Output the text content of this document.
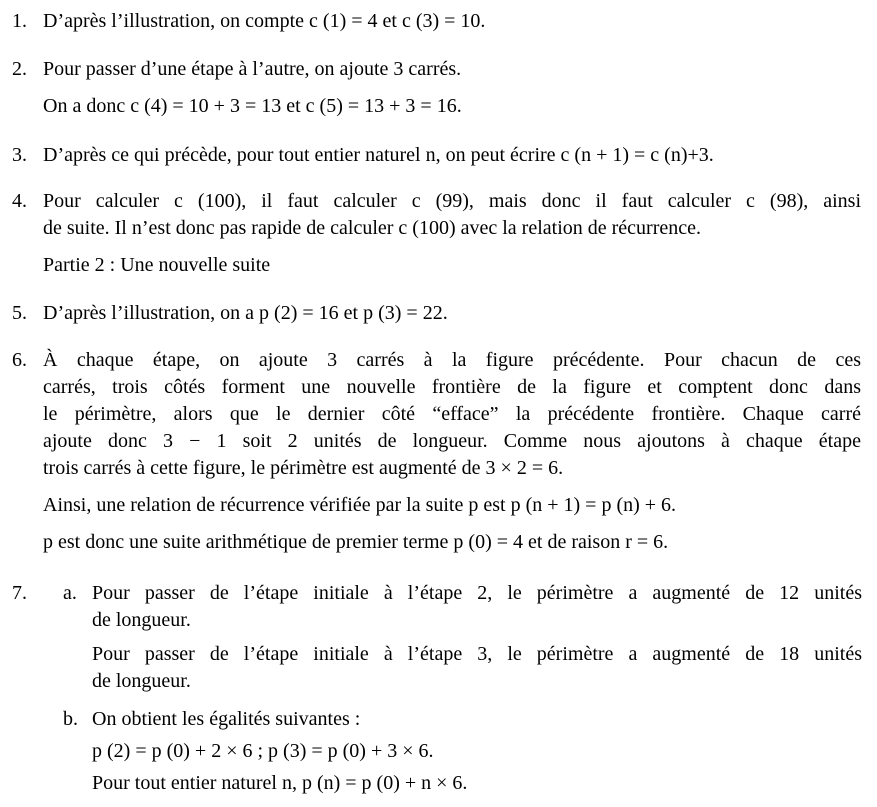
1. D’après l’illustration, on compte c (1) = 4 et c (3) = 10.
2. Pour passer d’une étape à l’autre, on ajoute 3 carrés.
On a donc c (4) = 10 + 3 = 13 et c (5) = 13 + 3 = 16.
3. D’après ce qui précède, pour tout entier naturel n, on peut écrire c (n + 1) = c (n)+3.
4. Pour calculer c (100), il faut calculer c (99), mais donc il faut calculer c (98), ainsi
de suite. Il n’est donc pas rapide de calculer c (100) avec la relation de récurrence.
Partie 2 : Une nouvelle suite
5. D’après l’illustration, on a p (2) = 16 et p (3) = 22.
6. À chaque étape, on ajoute 3 carrés à la figure précédente. Pour chacun de ces
carrés, trois côtés forment une nouvelle frontière de la figure et comptent donc dans
le périmètre, alors que le dernier côté “efface” la précédente frontière. Chaque carré
ajoute donc 3 − 1 soit 2 unités de longueur. Comme nous ajoutons à chaque étape
trois carrés à cette figure, le périmètre est augmenté de 3 × 2 = 6.
Ainsi, une relation de récurrence vérifiée par la suite p est p (n + 1) = p (n) + 6.
p est donc une suite arithmétique de premier terme p (0) = 4 et de raison r = 6.
7. a. Pour passer de l’étape initiale à l’étape 2, le périmètre a augmenté de 12 unités
de longueur.
Pour passer de l’étape initiale à l’étape 3, le périmètre a augmenté de 18 unités
de longueur.
b. On obtient les égalités suivantes :
p (2) = p (0) + 2 × 6 ; p (3) = p (0) + 3 × 6.
Pour tout entier naturel n, p (n) = p (0) + n × 6.
